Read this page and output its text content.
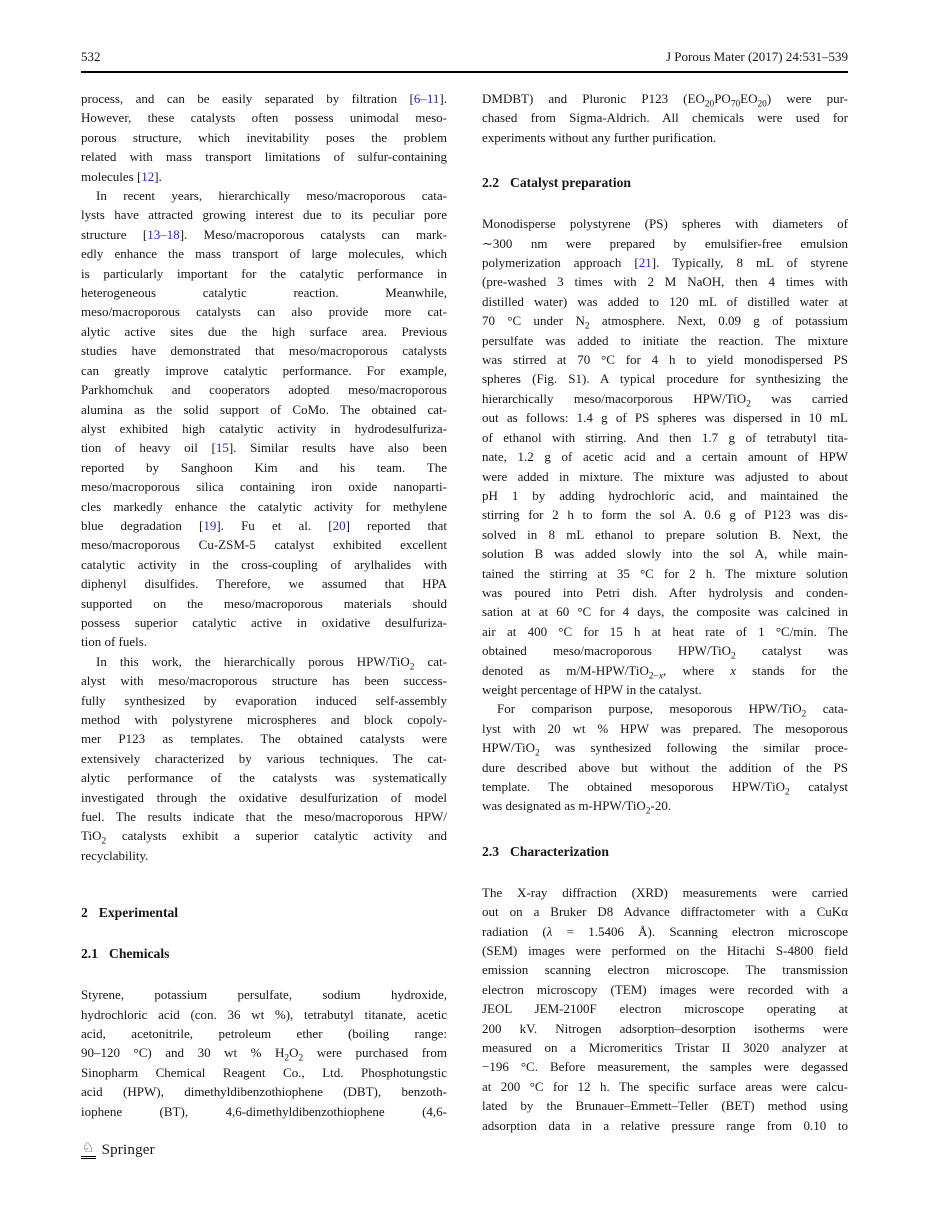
532	J Porous Mater (2017) 24:531–539
process, and can be easily separated by filtration [6–11].
However, these catalysts often possess unimodal meso-
porous structure, which inevitability poses the problem
related with mass transport limitations of sulfur-containing
molecules [12].
In recent years, hierarchically meso/macroporous cata-
lysts have attracted growing interest due to its peculiar pore
structure [13–18]. Meso/macroporous catalysts can mark-
edly enhance the mass transport of large molecules, which
is particularly important for the catalytic performance in
heterogeneous catalytic reaction. Meanwhile,
meso/macroporous catalysts can also provide more cat-
alytic active sites due the high surface area. Previous
studies have demonstrated that meso/macroporous catalysts
can greatly improve catalytic performance. For example,
Parkhomchuk and cooperators adopted meso/macroporous
alumina as the solid support of CoMo. The obtained cat-
alyst exhibited high catalytic activity in hydrodesulfuriza-
tion of heavy oil [15]. Similar results have also been
reported by Sanghoon Kim and his team. The
meso/macroporous silica containing iron oxide nanoparti-
cles markedly enhance the catalytic activity for methylene
blue degradation [19]. Fu et al. [20] reported that
meso/macroporous Cu-ZSM-5 catalyst exhibited excellent
catalytic activity in the cross-coupling of arylhalides with
diphenyl disulfides. Therefore, we assumed that HPA
supported on the meso/macroporous materials should
possess superior catalytic active in oxidative desulfuriza-
tion of fuels.
In this work, the hierarchically porous HPW/TiO$_2$ cat-
alyst with meso/macroporous structure has been success-
fully synthesized by evaporation induced self-assembly
method with polystyrene microspheres and block copoly-
mer P123 as templates. The obtained catalysts were
extensively characterized by various techniques. The cat-
alytic performance of the catalysts was systematically
investigated through the oxidative desulfurization of model
fuel. The results indicate that the meso/macroporous HPW/
TiO$_2$ catalysts exhibit a superior catalytic activity and
recyclability.
2 Experimental
2.1 Chemicals
Styrene, potassium persulfate, sodium hydroxide,
hydrochloric acid (con. 36 wt %), tetrabutyl titanate, acetic
acid, acetonitrile, petroleum ether (boiling range:
90–120 °C) and 30 wt % $H_2O_2$ were purchased from
Sinopharm Chemical Reagent Co., Ltd. Phosphotungstic
acid (HPW), dimethyldibenzothiophene (DBT), benzoth-
iophene (BT), 4,6-dimethyldibenzothiophene (4,6-
DMDBT) and Pluronic P123 $(EO_{20}PO_{70}EO_{20})$ were pur-
chased from Sigma-Aldrich. All chemicals were used for
experiments without any further purification.
2.2 Catalyst preparation
Monodisperse polystyrene (PS) spheres with diameters of
∼300 nm were prepared by emulsifier-free emulsion
polymerization approach [21]. Typically, 8 mL of styrene
(pre-washed 3 times with 2 M NaOH, then 4 times with
distilled water) was added to 120 mL of distilled water at
70 °C under $N_2$ atmosphere. Next, 0.09 g of potassium
persulfate was added to initiate the reaction. The mixture
was stirred at 70 °C for 4 h to yield monodispersed PS
spheres (Fig. S1). A typical procedure for synthesizing the
hierarchically meso/macorporous HPW/TiO$_2$ was carried
out as follows: 1.4 g of PS spheres was dispersed in 10 mL
of ethanol with stirring. And then 1.7 g of tetrabutyl tita-
nate, 1.2 g of acetic acid and a certain amount of HPW
were added in mixture. The mixture was adjusted to about
pH 1 by adding hydrochloric acid, and maintained the
stirring for 2 h to form the sol A. 0.6 g of P123 was dis-
solved in 8 mL ethanol to prepare solution B. Next, the
solution B was added slowly into the sol A, while main-
tained the stirring at 35 °C for 2 h. The mixture solution
was poured into Petri dish. After hydrolysis and conden-
sation at at 60 °C for 4 days, the composite was calcined in
air at 400 °C for 15 h at heat rate of 1 °C/min. The
obtained meso/macroporous HPW/TiO$_2$ catalyst was
denoted as m/M-HPW/TiO$_{2-x}$, where x stands for the
weight percentage of HPW in the catalyst.
For comparison purpose, mesoporous HPW/TiO$_2$ cata-
lyst with 20 wt % HPW was prepared. The mesoporous
HPW/TiO$_2$ was synthesized following the similar proce-
dure described above but without the addition of the PS
template. The obtained mesoporous HPW/TiO$_2$ catalyst
was designated as m-HPW/TiO$_2$-20.
2.3 Characterization
The X-ray diffraction (XRD) measurements were carried
out on a Bruker D8 Advance diffractometer with a CuKα
radiation (λ = 1.5406 Å). Scanning electron microscope
(SEM) images were performed on the Hitachi S-4800 field
emission scanning electron microscope. The transmission
electron microscopy (TEM) images were recorded with a
JEOL JEM-2100F electron microscope operating at
200 kV. Nitrogen adsorption–desorption isotherms were
measured on a Micromeritics Tristar II 3020 analyzer at
−196 °C. Before measurement, the samples were degassed
at 200 °C for 12 h. The specific surface areas were calcu-
lated by the Brunauer–Emmett–Teller (BET) method using
adsorption data in a relative pressure range from 0.10 to
♘ Springer
